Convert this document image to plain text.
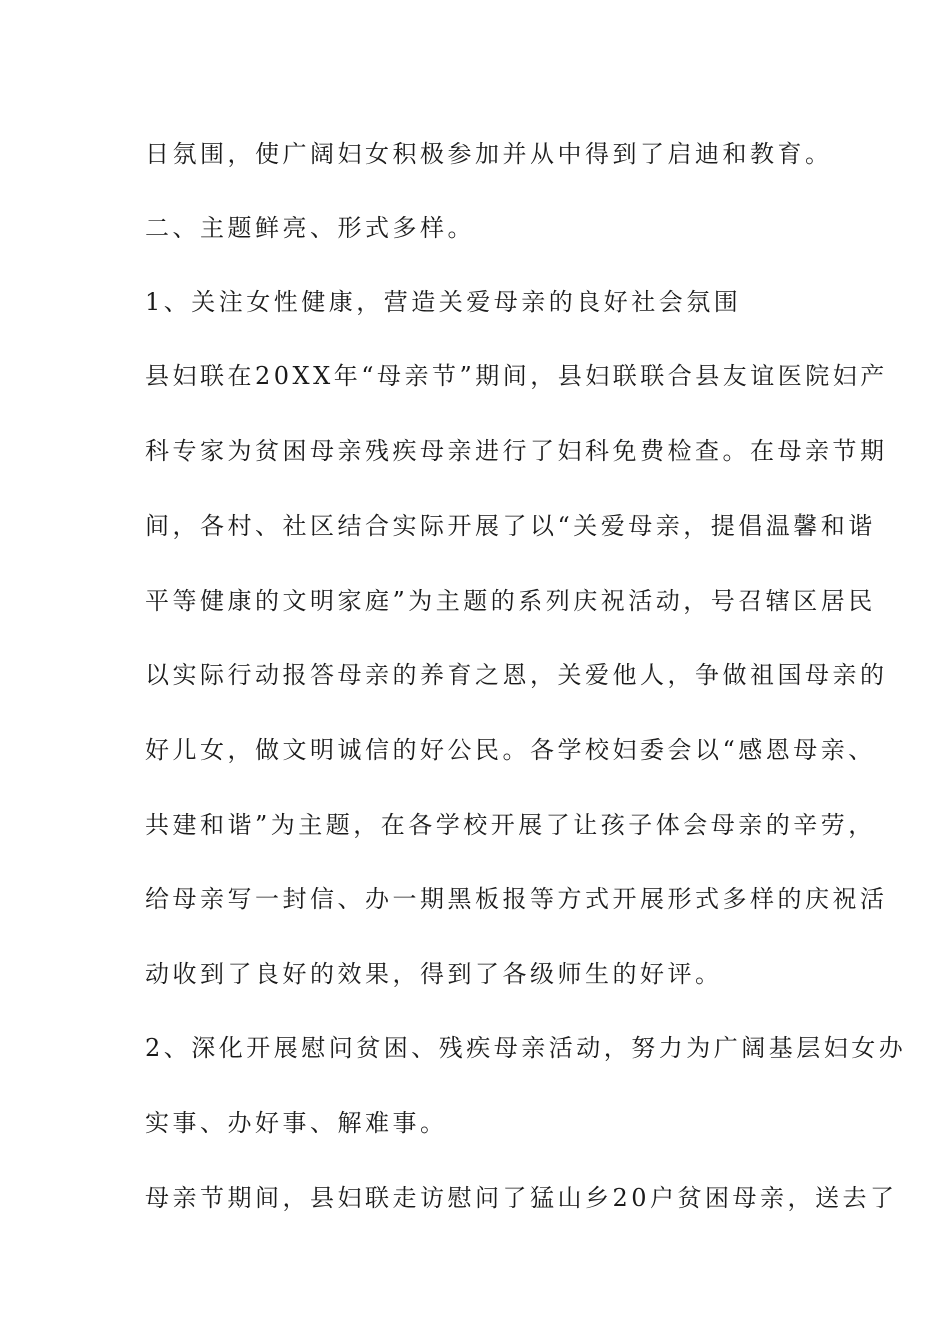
日氛围，使广阔妇女积极参加并从中得到了启迪和教育。
二、主题鲜亮、形式多样。
1、关注女性健康，营造关爱母亲的良好社会氛围
县妇联在20XX年“母亲节”期间，县妇联联合县友谊医院妇产
科专家为贫困母亲残疾母亲进行了妇科免费检查。在母亲节期
间，各村、社区结合实际开展了以“关爱母亲，提倡温馨和谐
平等健康的文明家庭”为主题的系列庆祝活动，号召辖区居民
以实际行动报答母亲的养育之恩，关爱他人，争做祖国母亲的
好儿女，做文明诚信的好公民。各学校妇委会以“感恩母亲、
共建和谐”为主题，在各学校开展了让孩子体会母亲的辛劳，
给母亲写一封信、办一期黑板报等方式开展形式多样的庆祝活
动收到了良好的效果，得到了各级师生的好评。
2、深化开展慰问贫困、残疾母亲活动，努力为广阔基层妇女办
实事、办好事、解难事。
母亲节期间，县妇联走访慰问了猛山乡20户贫困母亲，送去了
